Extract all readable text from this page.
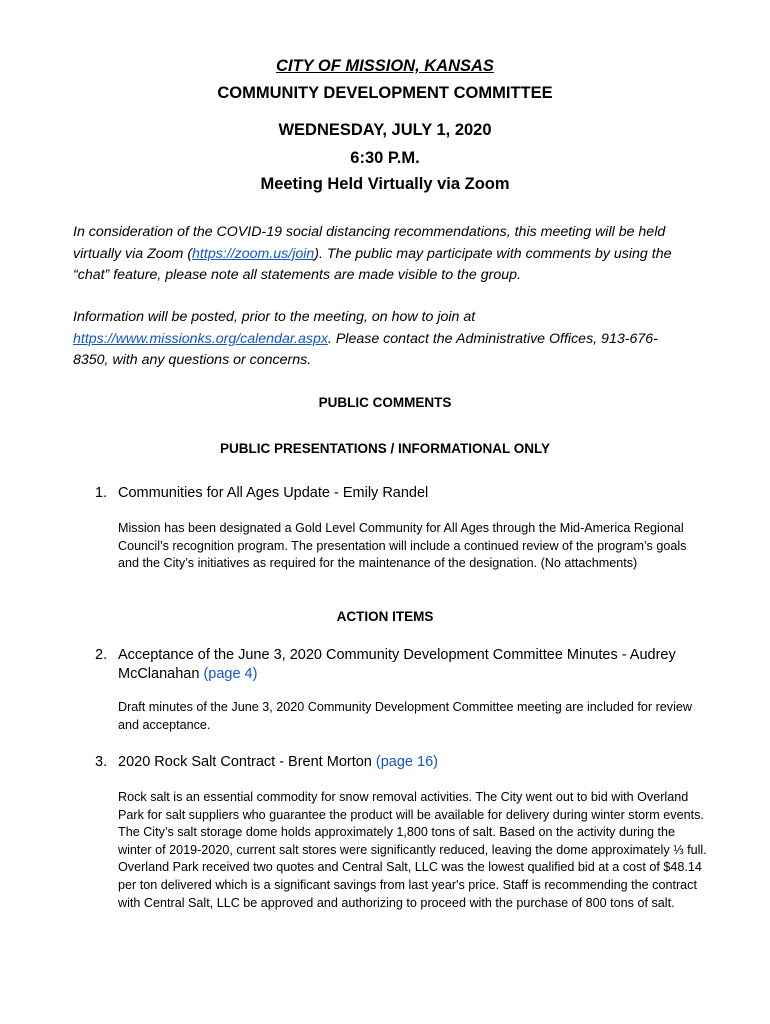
CITY OF MISSION, KANSAS
COMMUNITY DEVELOPMENT COMMITTEE
WEDNESDAY, JULY 1, 2020
6:30 P.M.
Meeting Held Virtually via Zoom
In consideration of the COVID-19 social distancing recommendations, this meeting will be held virtually via Zoom (https://zoom.us/join). The public may participate with comments by using the “chat” feature, please note all statements are made visible to the group.
Information will be posted, prior to the meeting, on how to join at https://www.missionks.org/calendar.aspx. Please contact the Administrative Offices, 913-676-8350, with any questions or concerns.
PUBLIC COMMENTS
PUBLIC PRESENTATIONS / INFORMATIONAL ONLY
1. Communities for All Ages Update - Emily Randel
Mission has been designated a Gold Level Community for All Ages through the Mid-America Regional Council’s recognition program. The presentation will include a continued review of the program’s goals and the City’s initiatives as required for the maintenance of the designation. (No attachments)
ACTION ITEMS
2. Acceptance of the June 3, 2020 Community Development Committee Minutes - Audrey McClanahan (page 4)
Draft minutes of the June 3, 2020 Community Development Committee meeting are included for review and acceptance.
3. 2020 Rock Salt Contract - Brent Morton (page 16)
Rock salt is an essential commodity for snow removal activities. The City went out to bid with Overland Park for salt suppliers who guarantee the product will be available for delivery during winter storm events. The City’s salt storage dome holds approximately 1,800 tons of salt. Based on the activity during the winter of 2019-2020, current salt stores were significantly reduced, leaving the dome approximately ⅓ full. Overland Park received two quotes and Central Salt, LLC was the lowest qualified bid at a cost of $48.14 per ton delivered which is a significant savings from last year's price. Staff is recommending the contract with Central Salt, LLC be approved and authorizing to proceed with the purchase of 800 tons of salt.
